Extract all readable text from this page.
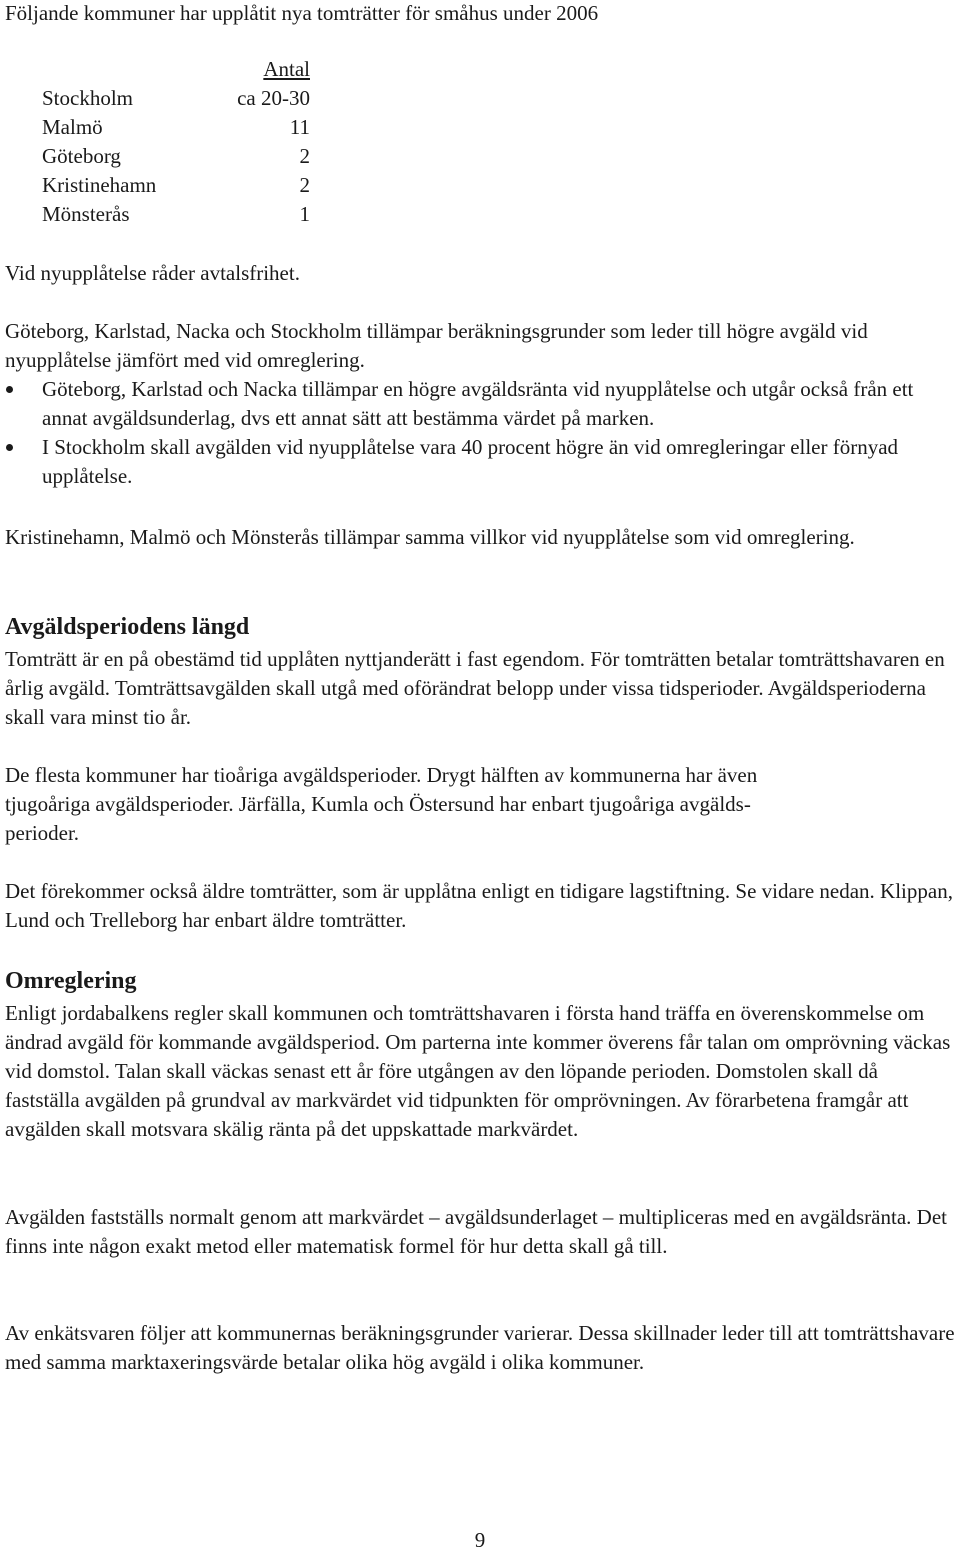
Följande kommuner har upplåtit nya tomträtter för småhus under 2006

	Antal
Stockholm	ca 20-30
Malmö	11
Göteborg	2
Kristinehamn	2
Mönsterås	1

Vid nyupplåtelse råder avtalsfrihet.

Göteborg, Karlstad, Nacka och Stockholm tillämpar beräkningsgrunder som leder till högre avgäld vid nyupplåtelse jämfört med vid omreglering.

Göteborg, Karlstad och Nacka tillämpar en högre avgäldsränta vid nyupplåtelse och utgår också från ett annat avgäldsunderlag, dvs ett annat sätt att bestämma värdet på marken.
I Stockholm skall avgälden vid nyupplåtelse vara 40 procent högre än vid omregleringar eller förnyad upplåtelse.

Kristinehamn, Malmö och Mönsterås tillämpar samma villkor vid nyupplåtelse som vid omreglering.

Avgäldsperiodens längd

Tomträtt är en på obestämd tid upplåten nyttjanderätt i fast egendom. För tomträtten betalar tomträttshavaren en årlig avgäld. Tomträttsavgälden skall utgå med oförändrat belopp under vissa tidsperioder. Avgäldsperioderna skall vara minst tio år.

De flesta kommuner har tioåriga avgäldsperioder. Drygt hälften av kommunerna har även
tjugoåriga avgäldsperioder. Järfälla, Kumla och Östersund har enbart tjugoåriga avgälds-
perioder.

Det förekommer också äldre tomträtter, som är upplåtna enligt en tidigare lagstiftning. Se vidare nedan. Klippan, Lund och Trelleborg har enbart äldre tomträtter.

Omreglering

Enligt jordabalkens regler skall kommunen och tomträttshavaren i första hand träffa en överenskommelse om ändrad avgäld för kommande avgäldsperiod. Om parterna inte kommer överens får talan om omprövning väckas vid domstol. Talan skall väckas senast ett år före utgången av den löpande perioden. Domstolen skall då fastställa avgälden på grundval av markvärdet vid tidpunkten för omprövningen. Av förarbetena framgår att avgälden skall motsvara skälig ränta på det uppskattade markvärdet.

Avgälden fastställs normalt genom att markvärdet – avgäldsunderlaget – multipliceras med en avgäldsränta. Det finns inte någon exakt metod eller matematisk formel för hur detta skall gå till.

Av enkätsvaren följer att kommunernas beräkningsgrunder varierar. Dessa skillnader leder till att tomträttshavare med samma marktaxeringsvärde betalar olika hög avgäld i olika kommuner.

9
